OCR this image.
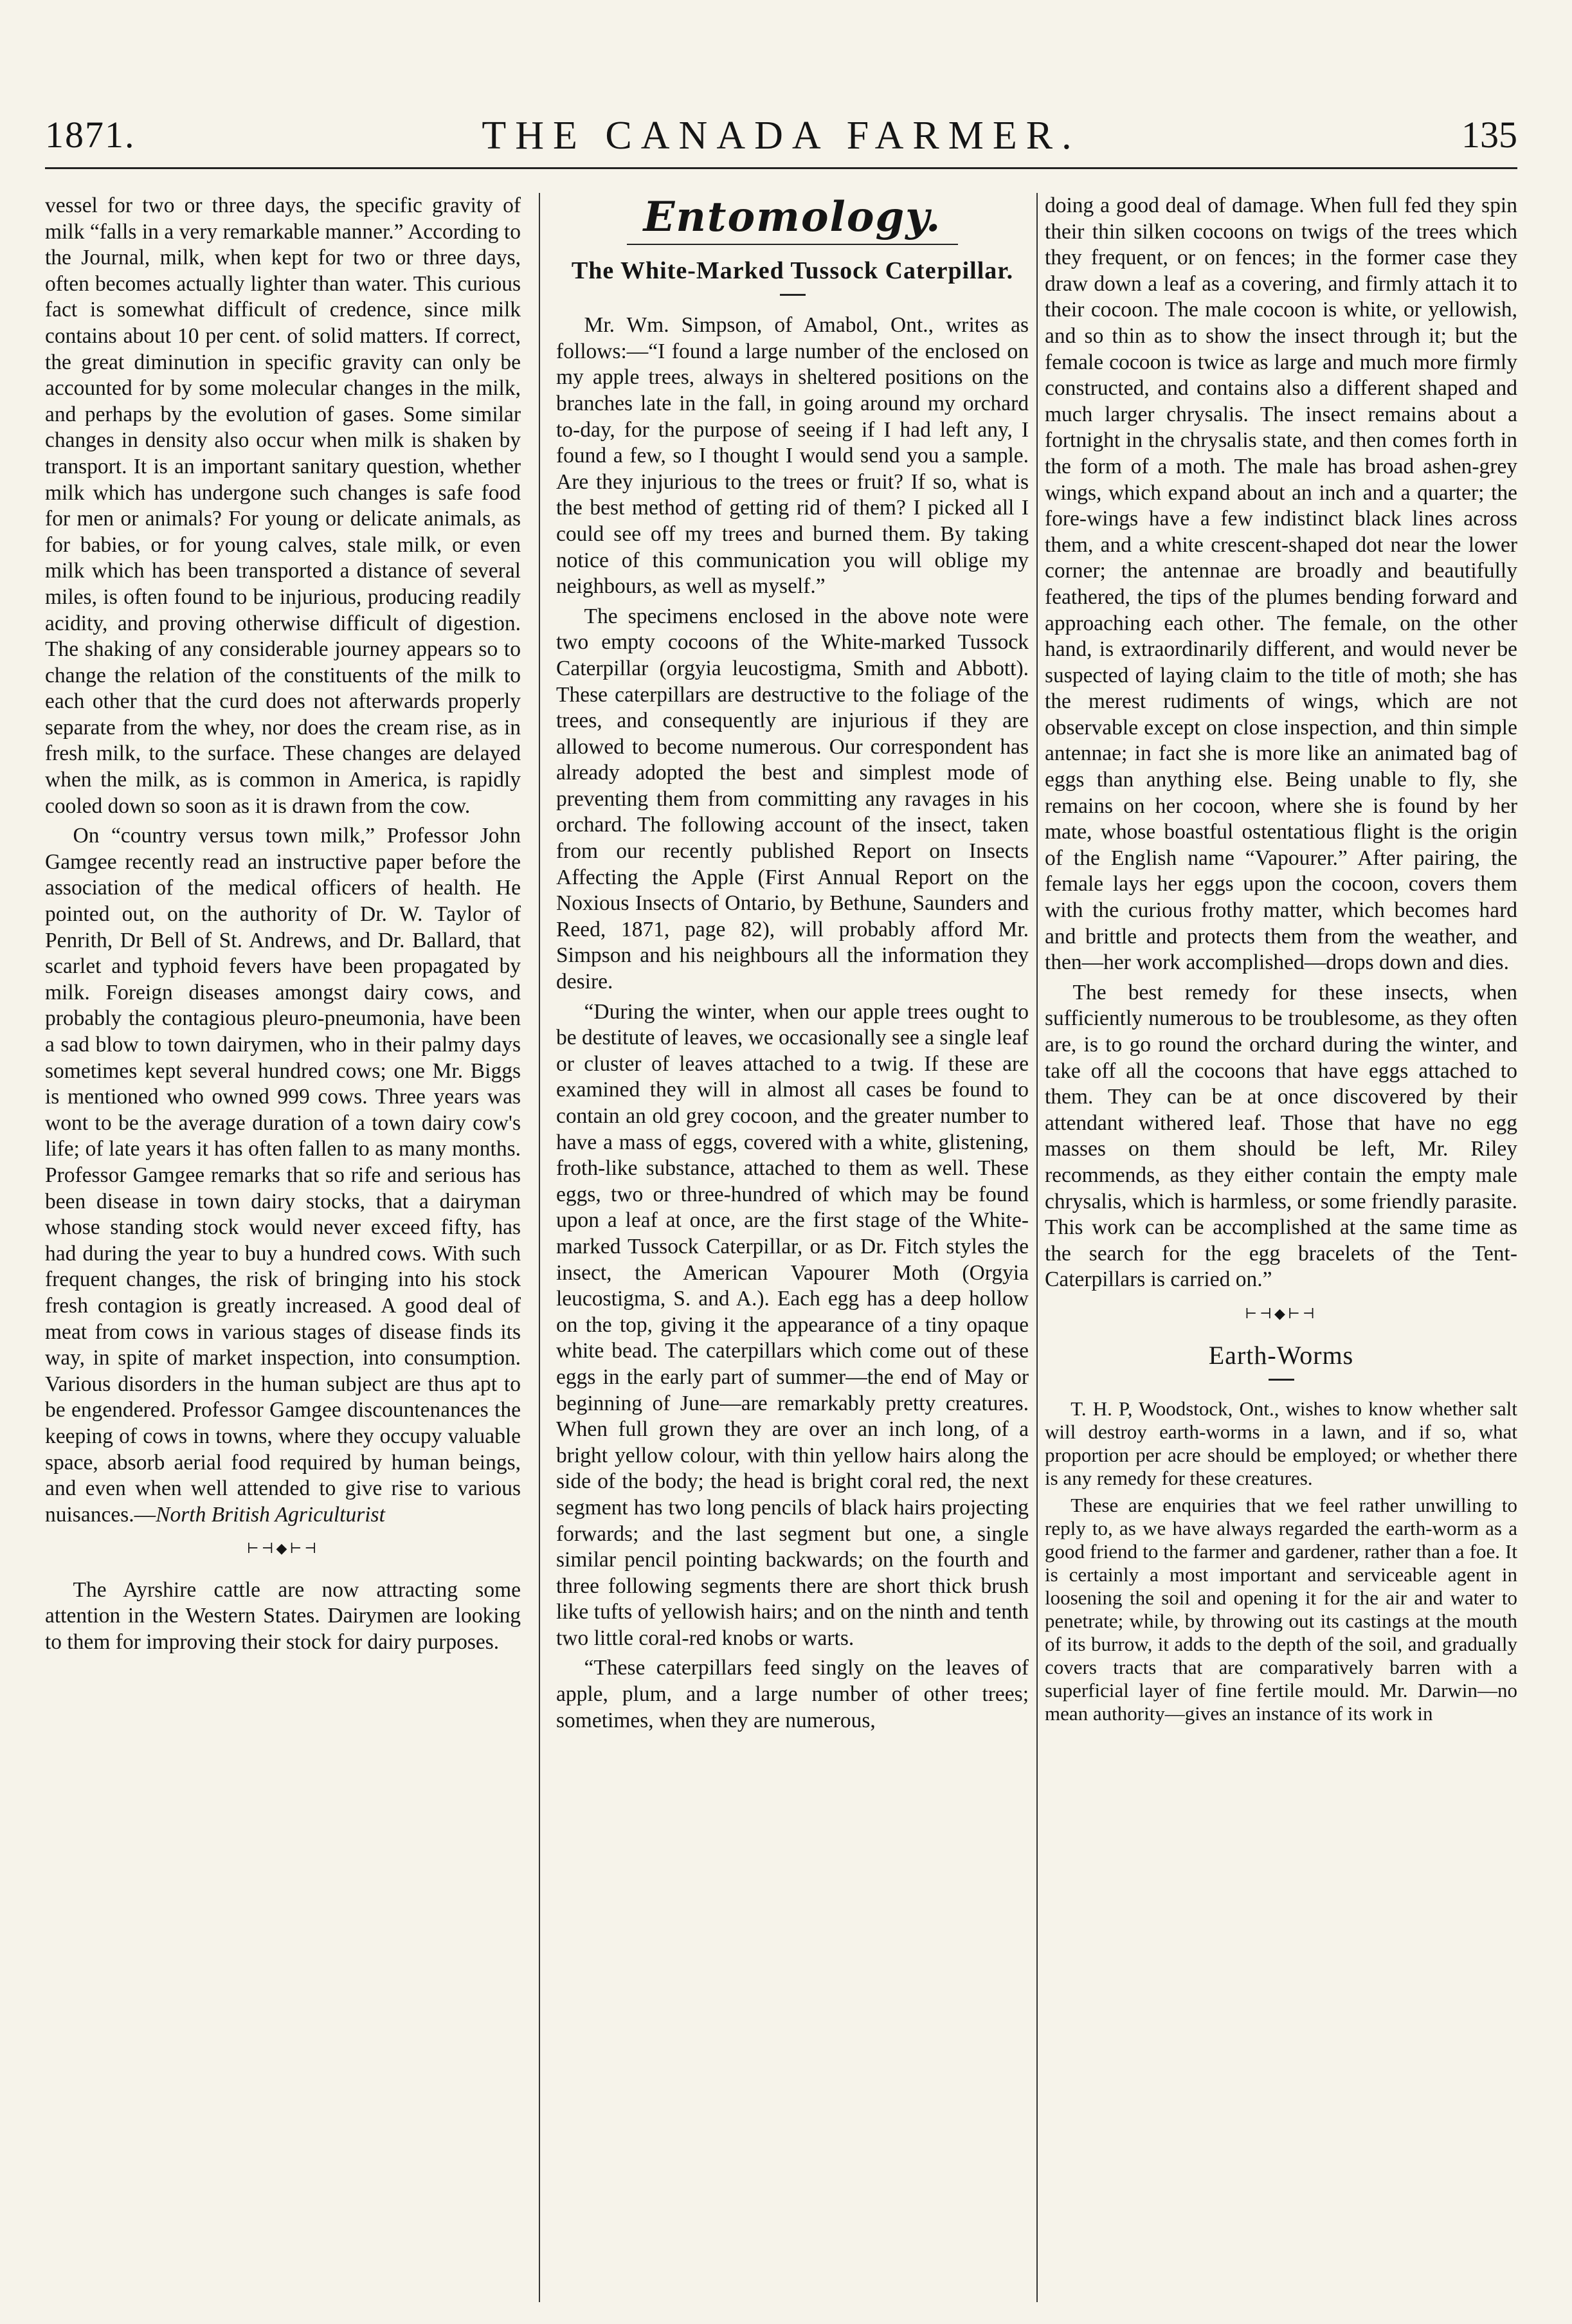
1871.	THE CANADA FARMER.	135

vessel for two or three days, the specific gravity of milk “falls in a very remarkable manner.” According to the Journal, milk, when kept for two or three days, often becomes actually lighter than water. This curious fact is somewhat difficult of credence, since milk contains about 10 per cent. of solid matters. If correct, the great diminution in specific gravity can only be accounted for by some molecular changes in the milk, and perhaps by the evolution of gases. Some similar changes in density also occur when milk is shaken by transport. It is an important sanitary question, whether milk which has undergone such changes is safe food for men or animals? For young or delicate animals, as for babies, or for young calves, stale milk, or even milk which has been transported a distance of several miles, is often found to be injurious, producing readily acidity, and proving otherwise difficult of digestion. The shaking of any considerable journey appears so to change the relation of the constituents of the milk to each other that the curd does not afterwards properly separate from the whey, nor does the cream rise, as in fresh milk, to the surface. These changes are delayed when the milk, as is common in America, is rapidly cooled down so soon as it is drawn from the cow.

On “country versus town milk,” Professor John Gamgee recently read an instructive paper before the association of the medical officers of health. He pointed out, on the authority of Dr. W. Taylor of Penrith, Dr Bell of St. Andrews, and Dr. Ballard, that scarlet and typhoid fevers have been propagated by milk. Foreign diseases amongst dairy cows, and probably the contagious pleuro-pneumonia, have been a sad blow to town dairymen, who in their palmy days sometimes kept several hundred cows; one Mr. Biggs is mentioned who owned 999 cows. Three years was wont to be the average duration of a town dairy cow's life; of late years it has often fallen to as many months. Professor Gamgee remarks that so rife and serious has been disease in town dairy stocks, that a dairyman whose standing stock would never exceed fifty, has had during the year to buy a hundred cows. With such frequent changes, the risk of bringing into his stock fresh contagion is greatly increased. A good deal of meat from cows in various stages of disease finds its way, in spite of market inspection, into consumption. Various disorders in the human subject are thus apt to be engendered. Professor Gamgee discountenances the keeping of cows in towns, where they occupy valuable space, absorb aerial food required by human beings, and even when well attended to give rise to various nuisances.—North British Agriculturist

⊢⊣◆⊢⊣

The Ayrshire cattle are now attracting some attention in the Western States. Dairymen are looking to them for improving their stock for dairy purposes.

Entomology.
The White-Marked Tussock Caterpillar.

Mr. Wm. Simpson, of Amabol, Ont., writes as follows:—“I found a large number of the enclosed on my apple trees, always in sheltered positions on the branches late in the fall, in going around my orchard to-day, for the purpose of seeing if I had left any, I found a few, so I thought I would send you a sample. Are they injurious to the trees or fruit? If so, what is the best method of getting rid of them? I picked all I could see off my trees and burned them. By taking notice of this communication you will oblige my neighbours, as well as myself.”

The specimens enclosed in the above note were two empty cocoons of the White-marked Tussock Caterpillar (orgyia leucostigma, Smith and Abbott). These caterpillars are destructive to the foliage of the trees, and consequently are injurious if they are allowed to become numerous. Our correspondent has already adopted the best and simplest mode of preventing them from committing any ravages in his orchard. The following account of the insect, taken from our recently published Report on Insects Affecting the Apple (First Annual Report on the Noxious Insects of Ontario, by Bethune, Saunders and Reed, 1871, page 82), will probably afford Mr. Simpson and his neighbours all the information they desire.

“During the winter, when our apple trees ought to be destitute of leaves, we occasionally see a single leaf or cluster of leaves attached to a twig. If these are examined they will in almost all cases be found to contain an old grey cocoon, and the greater number to have a mass of eggs, covered with a white, glistening, froth-like substance, attached to them as well. These eggs, two or three-hundred of which may be found upon a leaf at once, are the first stage of the White-marked Tussock Caterpillar, or as Dr. Fitch styles the insect, the American Vapourer Moth (Orgyia leucostigma, S. and A.). Each egg has a deep hollow on the top, giving it the appearance of a tiny opaque white bead. The caterpillars which come out of these eggs in the early part of summer—the end of May or beginning of June—are remarkably pretty creatures. When full grown they are over an inch long, of a bright yellow colour, with thin yellow hairs along the side of the body; the head is bright coral red, the next segment has two long pencils of black hairs projecting forwards; and the last segment but one, a single similar pencil pointing backwards; on the fourth and three following segments there are short thick brush like tufts of yellowish hairs; and on the ninth and tenth two little coral-red knobs or warts.

“These caterpillars feed singly on the leaves of apple, plum, and a large number of other trees; sometimes, when they are numerous,

doing a good deal of damage. When full fed they spin their thin silken cocoons on twigs of the trees which they frequent, or on fences; in the former case they draw down a leaf as a covering, and firmly attach it to their cocoon. The male cocoon is white, or yellowish, and so thin as to show the insect through it; but the female cocoon is twice as large and much more firmly constructed, and contains also a different shaped and much larger chrysalis. The insect remains about a fortnight in the chrysalis state, and then comes forth in the form of a moth. The male has broad ashen-grey wings, which expand about an inch and a quarter; the fore-wings have a few indistinct black lines across them, and a white crescent-shaped dot near the lower corner; the antennae are broadly and beautifully feathered, the tips of the plumes bending forward and approaching each other. The female, on the other hand, is extraordinarily different, and would never be suspected of laying claim to the title of moth; she has the merest rudiments of wings, which are not observable except on close inspection, and thin simple antennae; in fact she is more like an animated bag of eggs than anything else. Being unable to fly, she remains on her cocoon, where she is found by her mate, whose boastful ostentatious flight is the origin of the English name “Vapourer.” After pairing, the female lays her eggs upon the cocoon, covers them with the curious frothy matter, which becomes hard and brittle and protects them from the weather, and then—her work accomplished—drops down and dies.

The best remedy for these insects, when sufficiently numerous to be troublesome, as they often are, is to go round the orchard during the winter, and take off all the cocoons that have eggs attached to them. They can be at once discovered by their attendant withered leaf. Those that have no egg masses on them should be left, Mr. Riley recommends, as they either contain the empty male chrysalis, which is harmless, or some friendly parasite. This work can be accomplished at the same time as the search for the egg bracelets of the Tent-Caterpillars is carried on.”

⊢⊣◆⊢⊣
Earth-Worms

T. H. P, Woodstock, Ont., wishes to know whether salt will destroy earth-worms in a lawn, and if so, what proportion per acre should be employed; or whether there is any remedy for these creatures.

These are enquiries that we feel rather unwilling to reply to, as we have always regarded the earth-worm as a good friend to the farmer and gardener, rather than a foe. It is certainly a most important and serviceable agent in loosening the soil and opening it for the air and water to penetrate; while, by throwing out its castings at the mouth of its burrow, it adds to the depth of the soil, and gradually covers tracts that are comparatively barren with a superficial layer of fine fertile mould. Mr. Darwin—no mean authority—gives an instance of its work in
